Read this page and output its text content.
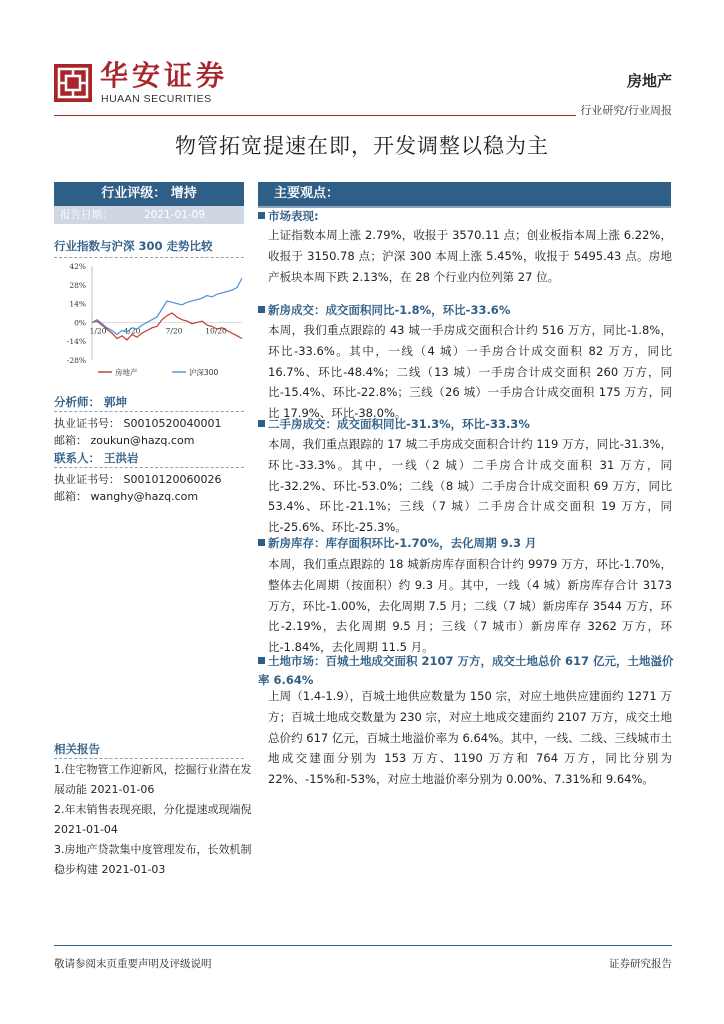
华安证券
HUAAN SECURITIES
房地产
行业研究/行业周报
物管拓宽提速在即，开发调整以稳为主
行业评级： 增持
报告日期：	2021-01-09
行业指数与沪深 300 走势比较
42%
28%
14%
0%
-14%
-28%
1/20 4/20	7/20	10/20
房地产	沪深300
分析师： 郭坤
执业证书号： S0010520040001
邮箱： zoukun@hazq.com
联系人： 王洪岩
执业证书号： S0010120060026
邮箱： wanghy@hazq.com
相关报告
1.住宅物管工作迎新风，挖掘行业潜在发展动能 2021-01-06
2.年末销售表现亮眼，分化提速或现端倪 2021-01-04
3.房地产贷款集中度管理发布，长效机制稳步构建 2021-01-03
主要观点：
市场表现:
上证指数本周上涨 2.79%，收报于 3570.11 点；创业板指本周上涨 6.22%，收报于 3150.78 点；沪深 300 本周上涨 5.45%，收报于 5495.43 点。房地产板块本周下跌 2.13%，在 28 个行业内位列第 27 位。
新房成交：成交面积同比-1.8%，环比-33.6%
本周，我们重点跟踪的 43 城一手房成交面积合计约 516 万方，同比-1.8%，环比-33.6%。其中，一线（4 城）一手房合计成交面积 82 万方，同比 16.7%、环比-48.4%；二线（13 城）一手房合计成交面积 260 万方，同比-15.4%、环比-22.8%；三线（26 城）一手房合计成交面积 175 万方，同比 17.9%、环比-38.0%。
二手房成交：成交面积同比-31.3%，环比-33.3%
本周，我们重点跟踪的 17 城二手房成交面积合计约 119 万方，同比-31.3%，环比-33.3%。其中，一线（2 城）二手房合计成交面积 31 万方，同比-32.2%、环比-53.0%；二线（8 城）二手房合计成交面积 69 万方，同比 53.4%、环比-21.1%；三线（7 城）二手房合计成交面积 19 万方，同比-25.6%、环比-25.3%。
新房库存：库存面积环比-1.70%，去化周期 9.3 月
本周，我们重点跟踪的 18 城新房库存面积合计约 9979 万方，环比-1.70%，整体去化周期（按面积）约 9.3 月。其中，一线（4 城）新房库存合计 3173 万方，环比-1.00%，去化周期 7.5 月；二线（7 城）新房库存 3544 万方，环比-2.19%，去化周期 9.5 月；三线（7 城市）新房库存 3262 万方，环比-1.84%，去化周期 11.5 月。
土地市场：百城土地成交面积 2107 万方，成交土地总价 617 亿元，土地溢价率 6.64%
上周（1.4-1.9），百城土地供应数量为 150 宗，对应土地供应建面约 1271 万方；百城土地成交数量为 230 宗，对应土地成交建面约 2107 万方，成交土地总价约 617 亿元，百城土地溢价率为 6.64%。其中，一线、二线、三线城市土地成交建面分别为 153 万方、1190 万方和 764 万方，同比分别为 22%、-15%和-53%，对应土地溢价率分别为 0.00%、7.31%和 9.64%。
敬请参阅末页重要声明及评级说明	证券研究报告
